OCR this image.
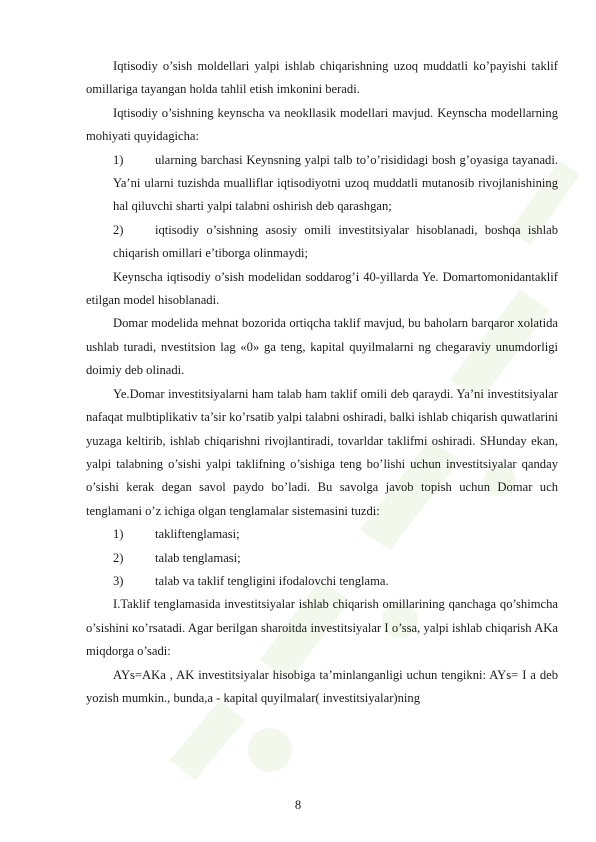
Iqtisodiy o’sish moldellari yalpi ishlab chiqarishning uzoq muddatli ko’payishi taklif omillariga tayangan holda tahlil etish imkonini beradi.

Iqtisodiy o’sishning keynscha va neokllasik modellari mavjud. Keynscha modellarning mohiyati quyidagicha:

1)	ularning barchasi Keynsning yalpi talb to’o’risididagi bosh g’oyasiga tayanadi. Ya’ni ularni tuzishda mualliflar iqtisodiyotni uzoq muddatli mutanosib rivojlanishining hal qiluvchi sharti yalpi talabni oshirish deb qarashgan;

2)	iqtisodiy o’sishning asosiy omili investitsiyalar hisoblanadi, boshqa ishlab chiqarish omillari e’tiborga olinmaydi;

Keynscha iqtisodiy o’sish modelidan soddarog’i 40-yillarda Ye. Domartomonidantaklif etilgan model hisoblanadi.

Domar modelida mehnat bozorida ortiqcha taklif mavjud, bu baholarn barqaror xolatida ushlab turadi, nvestitsion lag «0» ga teng, kapital quyilmalarni ng chegaraviy unumdorligi doimiy deb olinadi.

Ye.Domar investitsiyalarni ham talab ham taklif omili deb qaraydi. Ya’ni investitsiyalar nafaqat mulbtiplikativ ta’sir ko’rsatib yalpi talabni oshiradi, balki ishlab chiqarish quwatlarini yuzaga keltirib, ishlab chiqarishni rivojlantiradi, tovarldar taklifmi oshiradi. SHunday ekan, yalpi talabning o’sishi yalpi taklifning o’sishiga teng bo’lishi uchun investitsiyalar qanday o’sishi kerak degan savol paydo bo’ladi. Bu savolga javob topish uchun Domar uch tenglamani o’z ichiga olgan tenglamalar sistemasini tuzdi:

1)	takliftenglamasi;

2)	talab tenglamasi;

3)	talab va taklif tengligini ifodalovchi tenglama.

I.Taklif tenglamasida investitsiyalar ishlab chiqarish omillarining qanchaga qo’shimcha o’sishini кo’rsatadi. Agar berilgan sharoitda investitsiyalar I o’ssa, yalpi ishlab chiqarish AKa miqdorga o’sadi:

AYs=AKa , AK investitsiyalar hisobiga ta’minlanganligi uchun tengikni: AYs= I a deb yozish mumkin., bunda,a - kapital quyilmalar( investitsiyalar)ning

8
